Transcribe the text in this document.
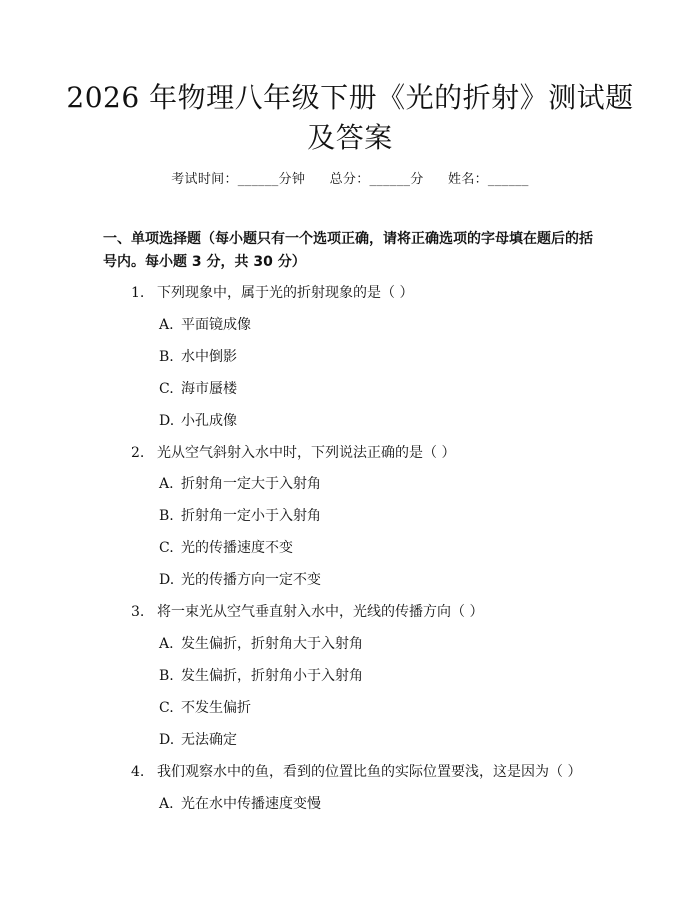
2026 年物理八年级下册《光的折射》测试题
及答案
考试时间：______分钟 总分：______分 姓名：______
一、单项选择题（每小题只有一个选项正确，请将正确选项的字母填在题后的括号内。每小题 3 分，共 30 分）
1. 下列现象中，属于光的折射现象的是（ ）
A. 平面镜成像
B. 水中倒影
C. 海市蜃楼
D. 小孔成像
2. 光从空气斜射入水中时，下列说法正确的是（ ）
A. 折射角一定大于入射角
B. 折射角一定小于入射角
C. 光的传播速度不变
D. 光的传播方向一定不变
3. 将一束光从空气垂直射入水中，光线的传播方向（ ）
A. 发生偏折，折射角大于入射角
B. 发生偏折，折射角小于入射角
C. 不发生偏折
D. 无法确定
4. 我们观察水中的鱼，看到的位置比鱼的实际位置要浅，这是因为（ ）
A. 光在水中传播速度变慢
